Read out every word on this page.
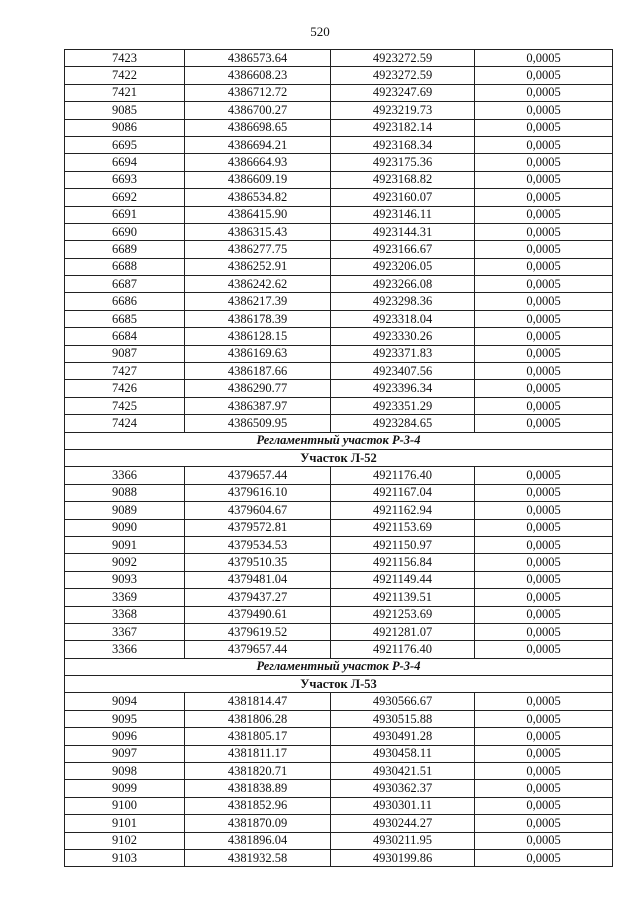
520
7423	4386573.64	4923272.59	0,0005
7422	4386608.23	4923272.59	0,0005
7421	4386712.72	4923247.69	0,0005
9085	4386700.27	4923219.73	0,0005
9086	4386698.65	4923182.14	0,0005
6695	4386694.21	4923168.34	0,0005
6694	4386664.93	4923175.36	0,0005
6693	4386609.19	4923168.82	0,0005
6692	4386534.82	4923160.07	0,0005
6691	4386415.90	4923146.11	0,0005
6690	4386315.43	4923144.31	0,0005
6689	4386277.75	4923166.67	0,0005
6688	4386252.91	4923206.05	0,0005
6687	4386242.62	4923266.08	0,0005
6686	4386217.39	4923298.36	0,0005
6685	4386178.39	4923318.04	0,0005
6684	4386128.15	4923330.26	0,0005
9087	4386169.63	4923371.83	0,0005
7427	4386187.66	4923407.56	0,0005
7426	4386290.77	4923396.34	0,0005
7425	4386387.97	4923351.29	0,0005
7424	4386509.95	4923284.65	0,0005
Регламентный участок Р-3-4			
Участок Л-52			
3366	4379657.44	4921176.40	0,0005
9088	4379616.10	4921167.04	0,0005
9089	4379604.67	4921162.94	0,0005
9090	4379572.81	4921153.69	0,0005
9091	4379534.53	4921150.97	0,0005
9092	4379510.35	4921156.84	0,0005
9093	4379481.04	4921149.44	0,0005
3369	4379437.27	4921139.51	0,0005
3368	4379490.61	4921253.69	0,0005
3367	4379619.52	4921281.07	0,0005
3366	4379657.44	4921176.40	0,0005
Регламентный участок Р-3-4			
Участок Л-53			
9094	4381814.47	4930566.67	0,0005
9095	4381806.28	4930515.88	0,0005
9096	4381805.17	4930491.28	0,0005
9097	4381811.17	4930458.11	0,0005
9098	4381820.71	4930421.51	0,0005
9099	4381838.89	4930362.37	0,0005
9100	4381852.96	4930301.11	0,0005
9101	4381870.09	4930244.27	0,0005
9102	4381896.04	4930211.95	0,0005
9103	4381932.58	4930199.86	0,0005
